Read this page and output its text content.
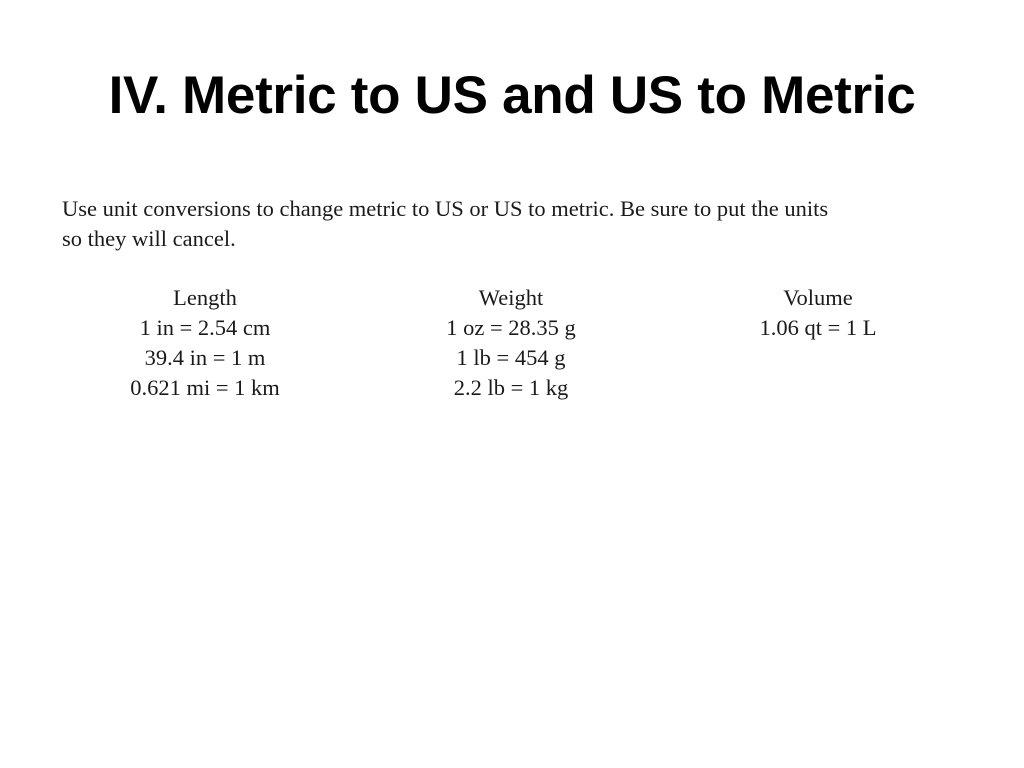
IV. Metric to US and US to Metric
Use unit conversions to change metric to US or US to metric. Be sure to put the units
so they will cancel.
Length
1 in = 2.54 cm
39.4 in = 1 m
0.621 mi = 1 km
Weight
1 oz = 28.35 g
1 lb = 454 g
2.2 lb = 1 kg
Volume
1.06 qt = 1 L
